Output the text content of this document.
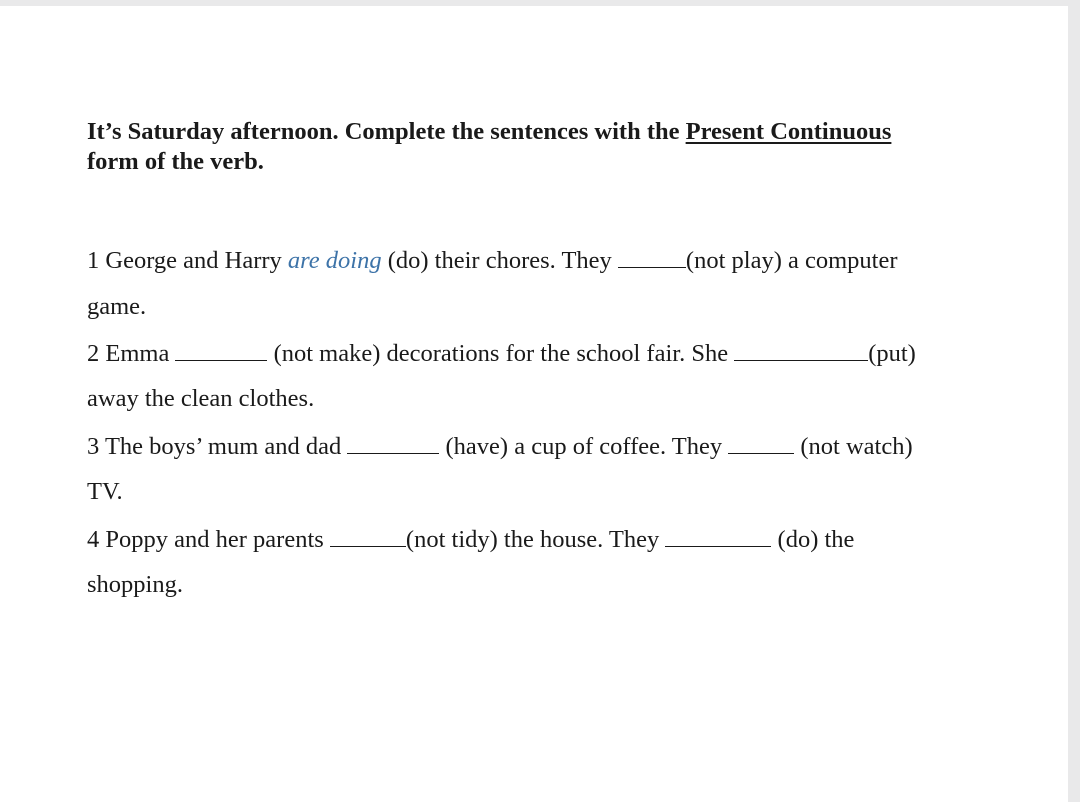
It’s Saturday afternoon. Complete the sentences with the Present Continuous
form of the verb.

1 George and Harry are doing (do) their chores. They	(not play) a computer

game.

2 Emma	(not make) decorations for the school fair. She	(put)

away the clean clothes.

3 The boys’ mum and dad	(have) a cup of coffee. They	(not watch)

TV.

4 Poppy and her parents	(not tidy) the house. They	(do) the

shopping.
